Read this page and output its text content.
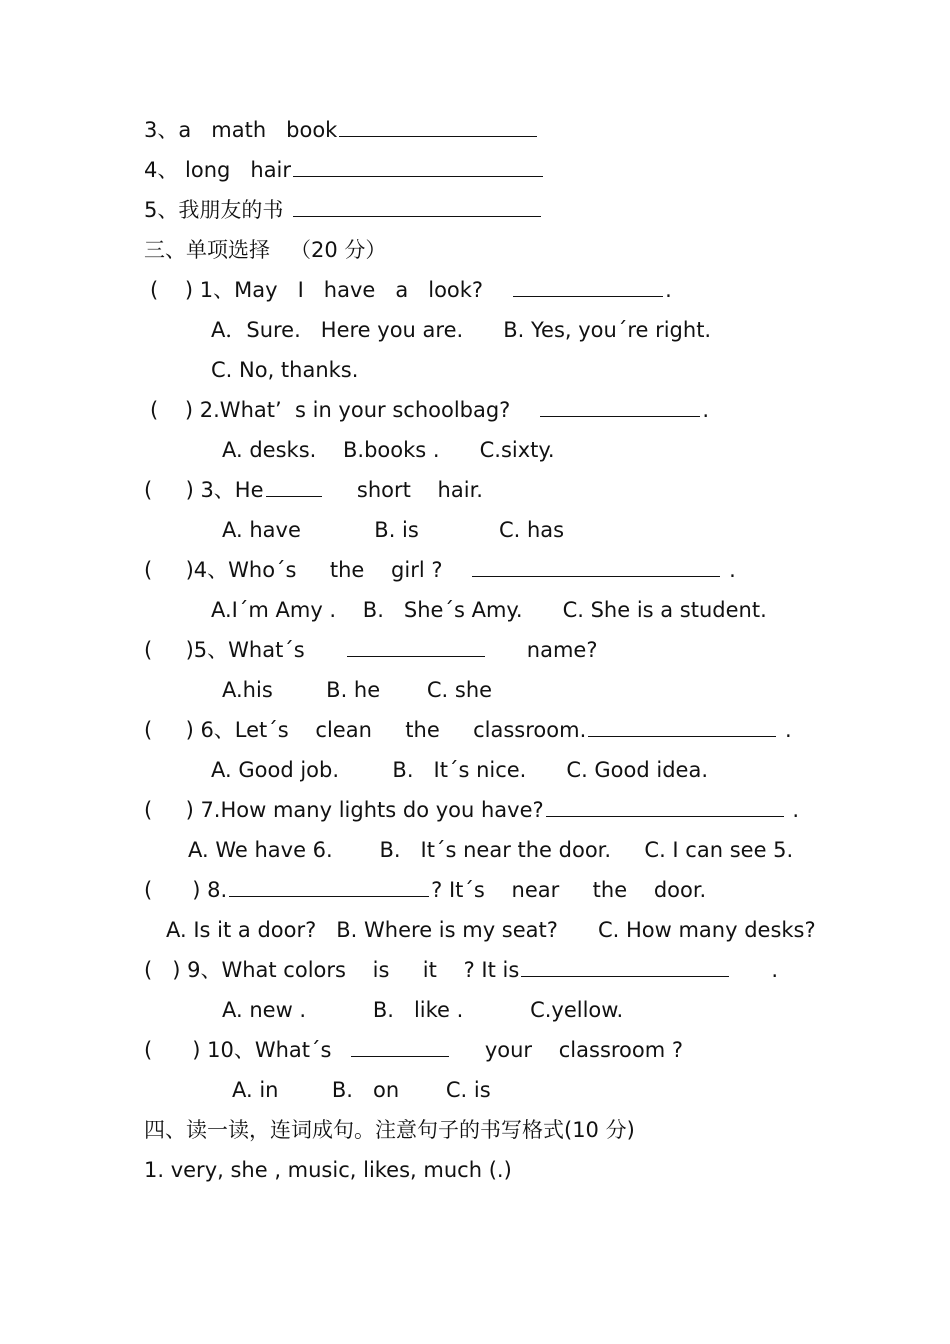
3、a   math   book
4、 long   hair
5、我朋友的书
三、单项选择   （20 分）
(    ) 1、May   I   have   a   look?	.
A．Sure.   Here you are.      B. Yes, you´re right.
C. No, thanks.
(    ) 2.What’  s in your schoolbag?	.
A. desks.    B.books .      C.sixty.
(     ) 3、He	short    hair.
A. have           B. is            C. has
(     )4、Who´s     the    girl ?	.
A.I´m Amy .    B.   She´s Amy.      C. She is a student.
(     )5、What´s	name?
A.his        B. he       C. she
(     ) 6、Let´s    clean     the     classroom.	.
A. Good job.        B.   It´s nice.      C. Good idea.
(     ) 7.How many lights do you have?	.
A. We have 6.       B.   It´s near the door.     C. I can see 5.
(      ) 8.	? It´s    near     the    door.
A. Is it a door?   B. Where is my seat?      C. How many desks?
(   ) 9、What colors    is     it    ? It is	.
A. new .          B.   like .          C.yellow.
(      ) 10、What´s	your    classroom ?
A. in        B.   on       C. is
四、读一读，连词成句。注意句子的书写格式(10 分)
1. very, she , music, likes, much (.)
